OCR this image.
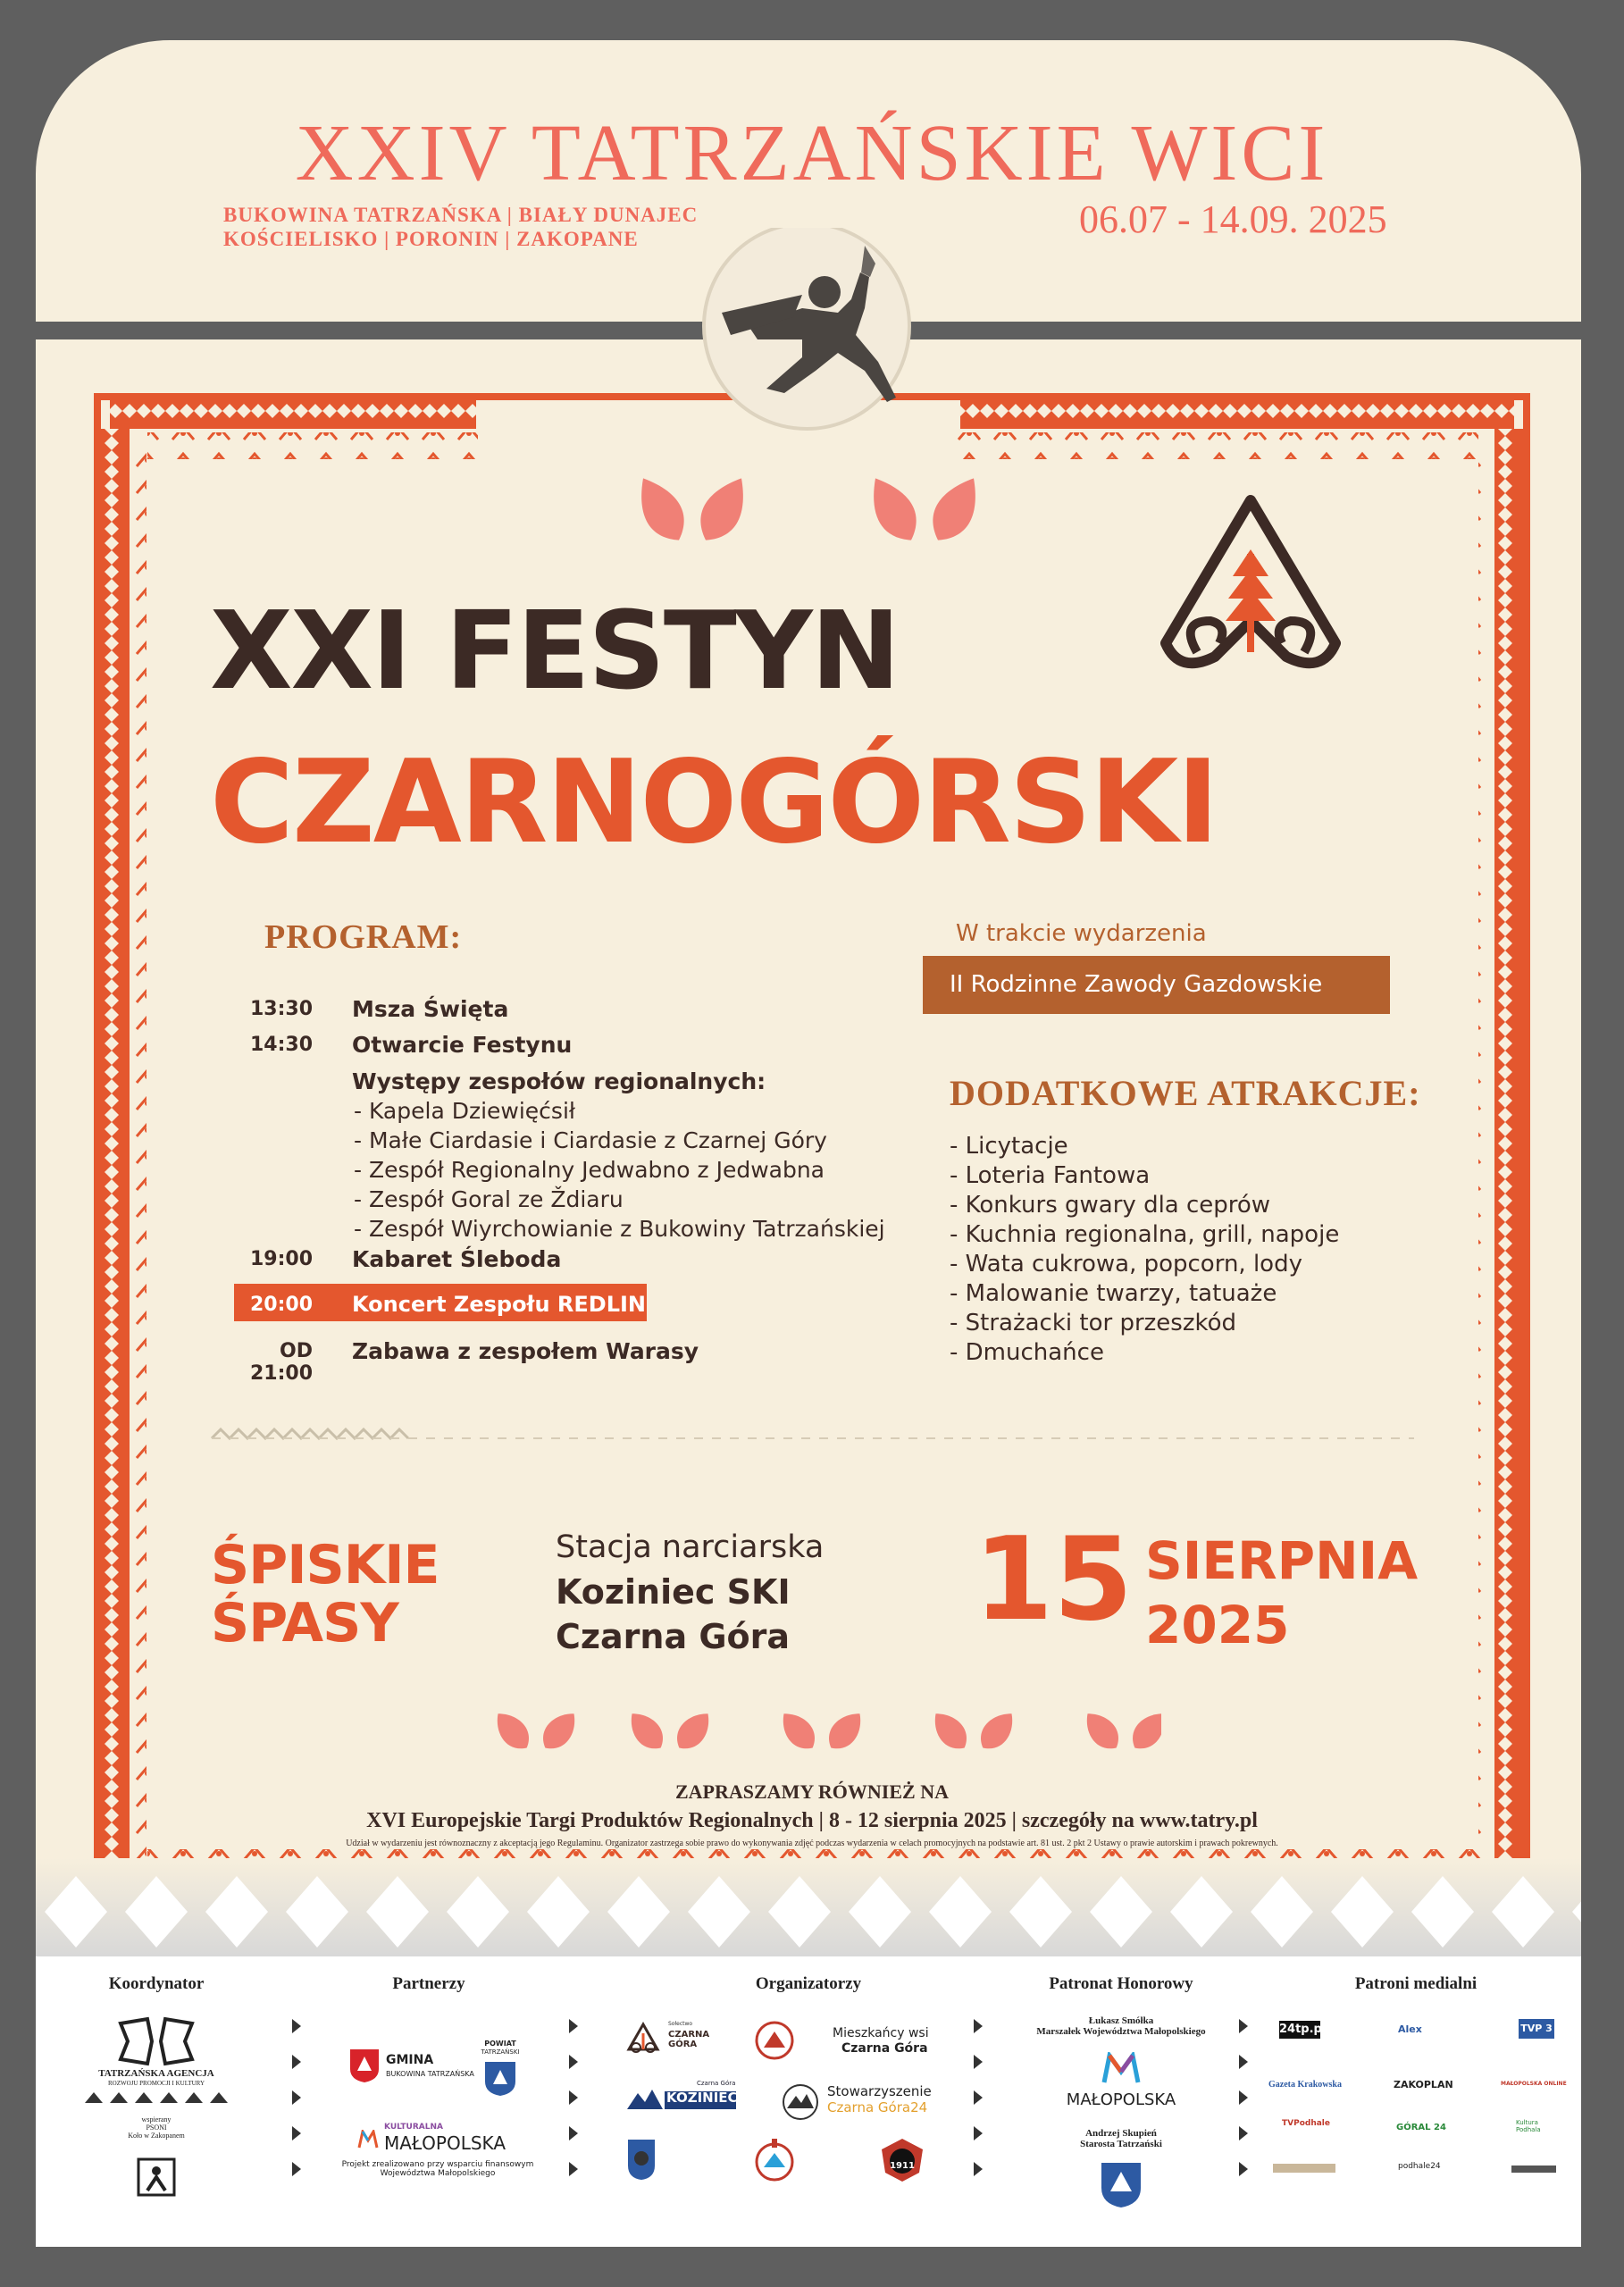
XXIV TATRZAŃSKIE WICI
BUKOWINA TATRZAŃSKA | BIAŁY DUNAJEC
KOŚCIELISKO | PORONIN | ZAKOPANE	06.07 - 14.09. 2025
XXI FESTYN
CZARNOGÓRSKI
PROGRAM:
13:30 Msza Święta
14:30 Otwarcie Festynu
Występy zespołów regionalnych:
- Kapela Dziewięćsił
- Małe Ciardasie i Ciardasie z Czarnej Góry
- Zespół Regionalny Jedwabno z Jedwabna
- Zespół Goral ze Ždiaru
- Zespół Wiyrchowianie z Bukowiny Tatrzańskiej
19:00 Kabaret Śleboda
20:00 Koncert Zespołu REDLIN
OD 21:00
Zabawa z zespołem Warasy
W trakcie wydarzenia
II Rodzinne Zawody Gazdowskie
DODATKOWE ATRAKCJE:
- Licytacje
- Loteria Fantowa
- Konkurs gwary dla ceprów
- Kuchnia regionalna, grill, napoje
- Wata cukrowa, popcorn, lody
- Malowanie twarzy, tatuaże
- Strażacki tor przeszkód
- Dmuchańce
ŚPISKIE
ŚPASY
Stacja narciarska
Koziniec SKI
Czarna Góra 15 SIERPNIA
2025
ZAPRASZAMY RÓWNIEŻ NA
XVI Europejskie Targi Produktów Regionalnych | 8 - 12 sierpnia 2025 | szczegóły na www.tatry.pl
Udział w wydarzeniu jest równoznaczny z akceptacją jego Regulaminu. Organizator zastrzega sobie prawo do wykonywania zdjęć podczas wydarzenia w celach promocyjnych na podstawie art. 81 ust. 2 pkt 2 Ustawy o prawie autorskim i prawach pokrewnych.
Koordynator	Partnerzy	Organizatorzy	Patronat Honorowy	Patroni medialni
TATRZAŃSKA AGENCJA
ROZWOJU PROMOCJI I KULTURY
wspierany
PSONI
Koło w Zakopanem
GMINA
BUKOWINA TATRZAŃSKA
POWIAT
TATRZAŃSKI
KULTURALNA
MAŁOPOLSKA
Projekt zrealizowano przy wsparciu finansowym Województwa Małopolskiego
Sołectwo
CZARNA GÓRA
Mieszkańcy wsi
Czarna Góra
Czarna Góra
KOZINIEC	Stowarzyszenie
Czarna Góra24
1911
Łukasz Smółka
Marszałek Województwa Małopolskiego
MAŁOPOLSKA
Andrzej Skupień
Starosta Tatrzański
24tp.pl	Alex	TVP 3
Gazeta Krakowska	ZAKOPLAN	MAŁOPOLSKA ONLINE
TVPodhale	GÓRAL 24	Kultura Podhala
podhale24
